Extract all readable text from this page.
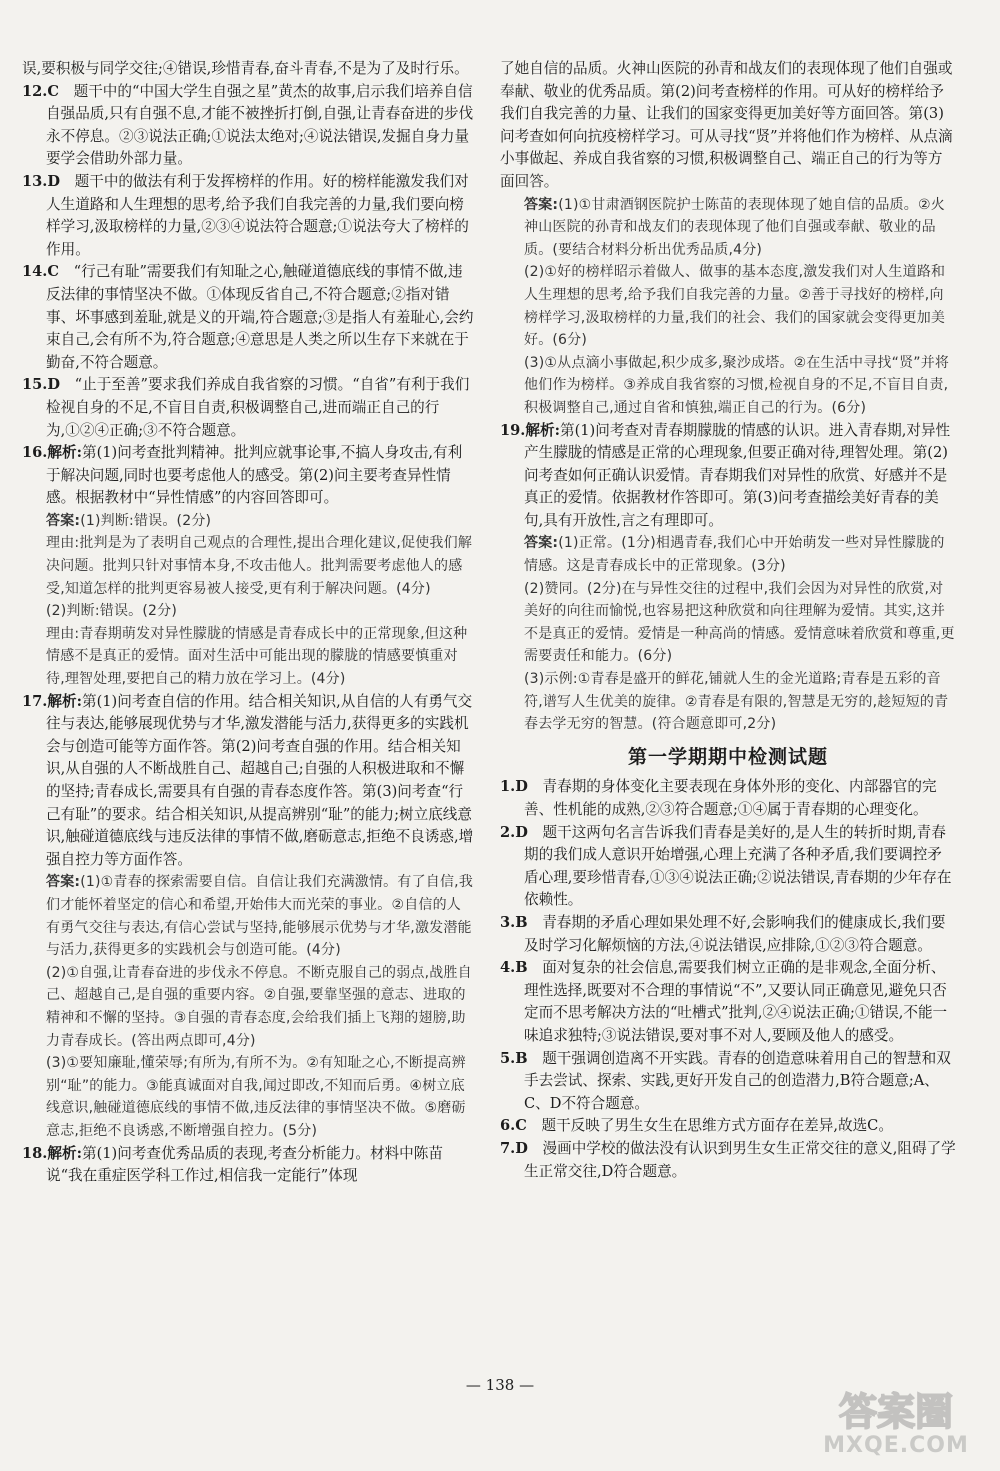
误,要积极与同学交往;④错误,珍惜青春,奋斗青春,不是为了及时行乐。

12.C  题干中的“中国大学生自强之星”黄杰的故事,启示我们培养自信自强品质,只有自强不息,才能不被挫折打倒,自强,让青春奋进的步伐永不停息。②③说法正确;①说法太绝对;④说法错误,发掘自身力量要学会借助外部力量。

13.D  题干中的做法有利于发挥榜样的作用。好的榜样能激发我们对人生道路和人生理想的思考,给予我们自我完善的力量,我们要向榜样学习,汲取榜样的力量,②③④说法符合题意;①说法夸大了榜样的作用。

14.C  “行己有耻”需要我们有知耻之心,触碰道德底线的事情不做,违反法律的事情坚决不做。①体现反省自己,不符合题意;②指对错事、坏事感到羞耻,就是义的开端,符合题意;③是指人有羞耻心,会约束自己,会有所不为,符合题意;④意思是人类之所以生存下来就在于勤奋,不符合题意。

15.D  “止于至善”要求我们养成自我省察的习惯。“自省”有利于我们检视自身的不足,不盲目自责,积极调整自己,进而端正自己的行为,①②④正确;③不符合题意。

16.解析:第(1)问考查批判精神。批判应就事论事,不搞人身攻击,有利于解决问题,同时也要考虑他人的感受。第(2)问主要考查异性情感。根据教材中“异性情感”的内容回答即可。

答案:(1)判断:错误。(2分)

理由:批判是为了表明自己观点的合理性,提出合理化建议,促使我们解决问题。批判只针对事情本身,不攻击他人。批判需要考虑他人的感受,知道怎样的批判更容易被人接受,更有利于解决问题。(4分)

(2)判断:错误。(2分)

理由:青春期萌发对异性朦胧的情感是青春成长中的正常现象,但这种情感不是真正的爱情。面对生活中可能出现的朦胧的情感要慎重对待,理智处理,要把自己的精力放在学习上。(4分)

17.解析:第(1)问考查自信的作用。结合相关知识,从自信的人有勇气交往与表达,能够展现优势与才华,激发潜能与活力,获得更多的实践机会与创造可能等方面作答。第(2)问考查自强的作用。结合相关知识,从自强的人不断战胜自己、超越自己;自强的人积极进取和不懈的坚持;青春成长,需要具有自强的青春态度作答。第(3)问考查“行己有耻”的要求。结合相关知识,从提高辨别“耻”的能力;树立底线意识,触碰道德底线与违反法律的事情不做,磨砺意志,拒绝不良诱惑,增强自控力等方面作答。

答案:(1)①青春的探索需要自信。自信让我们充满激情。有了自信,我们才能怀着坚定的信心和希望,开始伟大而光荣的事业。②自信的人有勇气交往与表达,有信心尝试与坚持,能够展示优势与才华,激发潜能与活力,获得更多的实践机会与创造可能。(4分)

(2)①自强,让青春奋进的步伐永不停息。不断克服自己的弱点,战胜自己、超越自己,是自强的重要内容。②自强,要靠坚强的意志、进取的精神和不懈的坚持。③自强的青春态度,会给我们插上飞翔的翅膀,助力青春成长。(答出两点即可,4分)

(3)①要知廉耻,懂荣辱;有所为,有所不为。②有知耻之心,不断提高辨别“耻”的能力。③能真诚面对自我,闻过即改,不知而后勇。④树立底线意识,触碰道德底线的事情不做,违反法律的事情坚决不做。⑤磨砺意志,拒绝不良诱惑,不断增强自控力。(5分)

18.解析:第(1)问考查优秀品质的表现,考查分析能力。材料中陈苗说“我在重症医学科工作过,相信我一定能行”体现

了她自信的品质。火神山医院的孙青和战友们的表现体现了他们自强或奉献、敬业的优秀品质。第(2)问考查榜样的作用。可从好的榜样给予我们自我完善的力量、让我们的国家变得更加美好等方面回答。第(3)问考查如何向抗疫榜样学习。可从寻找“贤”并将他们作为榜样、从点滴小事做起、养成自我省察的习惯,积极调整自己、端正自己的行为等方面回答。

答案:(1)①甘肃酒钢医院护士陈苗的表现体现了她自信的品质。②火神山医院的孙青和战友们的表现体现了他们自强或奉献、敬业的品质。(要结合材料分析出优秀品质,4分)

(2)①好的榜样昭示着做人、做事的基本态度,激发我们对人生道路和人生理想的思考,给予我们自我完善的力量。②善于寻找好的榜样,向榜样学习,汲取榜样的力量,我们的社会、我们的国家就会变得更加美好。(6分)

(3)①从点滴小事做起,积少成多,聚沙成塔。②在生活中寻找“贤”并将他们作为榜样。③养成自我省察的习惯,检视自身的不足,不盲目自责,积极调整自己,通过自省和慎独,端正自己的行为。(6分)

19.解析:第(1)问考查对青春期朦胧的情感的认识。进入青春期,对异性产生朦胧的情感是正常的心理现象,但要正确对待,理智处理。第(2)问考查如何正确认识爱情。青春期我们对异性的欣赏、好感并不是真正的爱情。依据教材作答即可。第(3)问考查描绘美好青春的美句,具有开放性,言之有理即可。

答案:(1)正常。(1分)相遇青春,我们心中开始萌发一些对异性朦胧的情感。这是青春成长中的正常现象。(3分)

(2)赞同。(2分)在与异性交往的过程中,我们会因为对异性的欣赏,对美好的向往而愉悦,也容易把这种欣赏和向往理解为爱情。其实,这并不是真正的爱情。爱情是一种高尚的情感。爱情意味着欣赏和尊重,更需要责任和能力。(6分)

(3)示例:①青春是盛开的鲜花,铺就人生的金光道路;青春是五彩的音符,谱写人生优美的旋律。②青春是有限的,智慧是无穷的,趁短短的青春去学无穷的智慧。(符合题意即可,2分)

第一学期期中检测试题

1.D  青春期的身体变化主要表现在身体外形的变化、内部器官的完善、性机能的成熟,②③符合题意;①④属于青春期的心理变化。

2.D  题干这两句名言告诉我们青春是美好的,是人生的转折时期,青春期的我们成人意识开始增强,心理上充满了各种矛盾,我们要调控矛盾心理,要珍惜青春,①③④说法正确;②说法错误,青春期的少年存在依赖性。

3.B  青春期的矛盾心理如果处理不好,会影响我们的健康成长,我们要及时学习化解烦恼的方法,④说法错误,应排除,①②③符合题意。

4.B  面对复杂的社会信息,需要我们树立正确的是非观念,全面分析、理性选择,既要对不合理的事情说“不”,又要认同正确意见,避免只否定而不思考解决方法的“吐槽式”批判,②④说法正确;①错误,不能一味追求独特;③说法错误,要对事不对人,要顾及他人的感受。

5.B  题干强调创造离不开实践。青春的创造意味着用自己的智慧和双手去尝试、探索、实践,更好开发自己的创造潜力,B符合题意;A、C、D不符合题意。

6.C  题干反映了男生女生在思维方式方面存在差异,故选C。

7.D  漫画中学校的做法没有认识到男生女生正常交往的意义,阻碍了学生正常交往,D符合题意。

— 138 —
答案圈
MXQE.COM
